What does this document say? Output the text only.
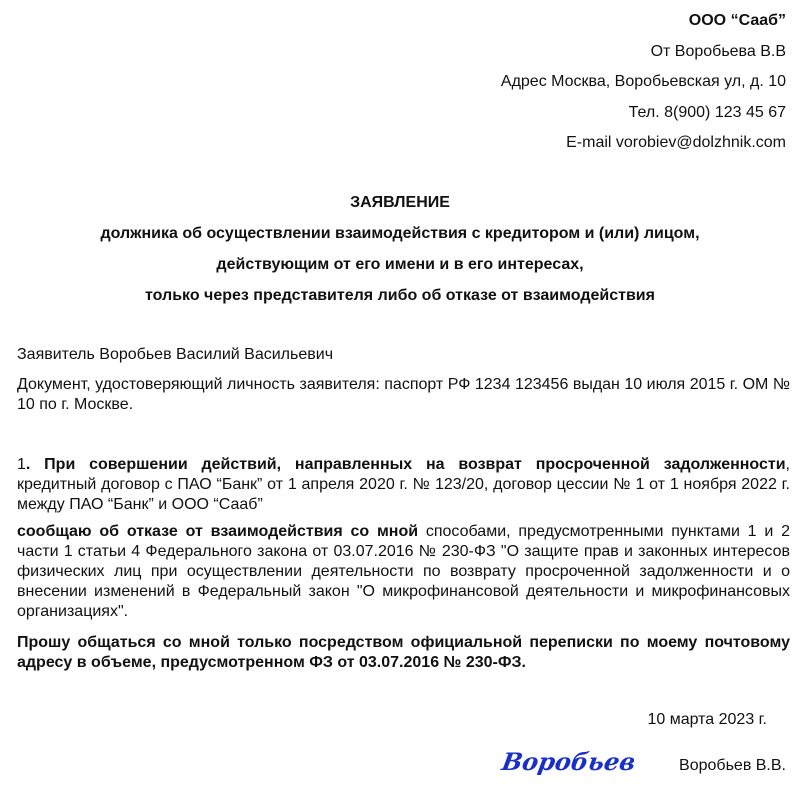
ООО “Сааб”
От Воробьева В.В
Адрес Москва, Воробьевская ул, д. 10
Тел. 8(900) 123 45 67
E-mail vorobiev@dolzhnik.com
ЗАЯВЛЕНИЕ
должника об осуществлении взаимодействия с кредитором и (или) лицом,
действующим от его имени и в его интересах,
только через представителя либо об отказе от взаимодействия
Заявитель Воробьев Василий Васильевич
Документ, удостоверяющий личность заявителя: паспорт РФ 1234 123456 выдан 10 июля 2015 г. ОМ № 10 по г. Москве.
1. При совершении действий, направленных на возврат просроченной задолженности, кредитный договор с ПАО “Банк” от 1 апреля 2020 г. № 123/20, договор цессии № 1 от 1 ноября 2022 г. между ПАО “Банк” и ООО “Сааб”
сообщаю об отказе от взаимодействия со мной способами, предусмотренными пунктами 1 и 2 части 1 статьи 4 Федерального закона от 03.07.2016 № 230-ФЗ "О защите прав и законных интересов физических лиц при осуществлении деятельности по возврату просроченной задолженности и о внесении изменений в Федеральный закон "О микрофинансовой деятельности и микрофинансовых организациях".
Прошу общаться со мной только посредством официальной переписки по моему почтовому адресу в объеме, предусмотренном ФЗ от 03.07.2016 № 230-ФЗ.
10 марта 2023 г.
Воробьев	Воробьев В.В.
